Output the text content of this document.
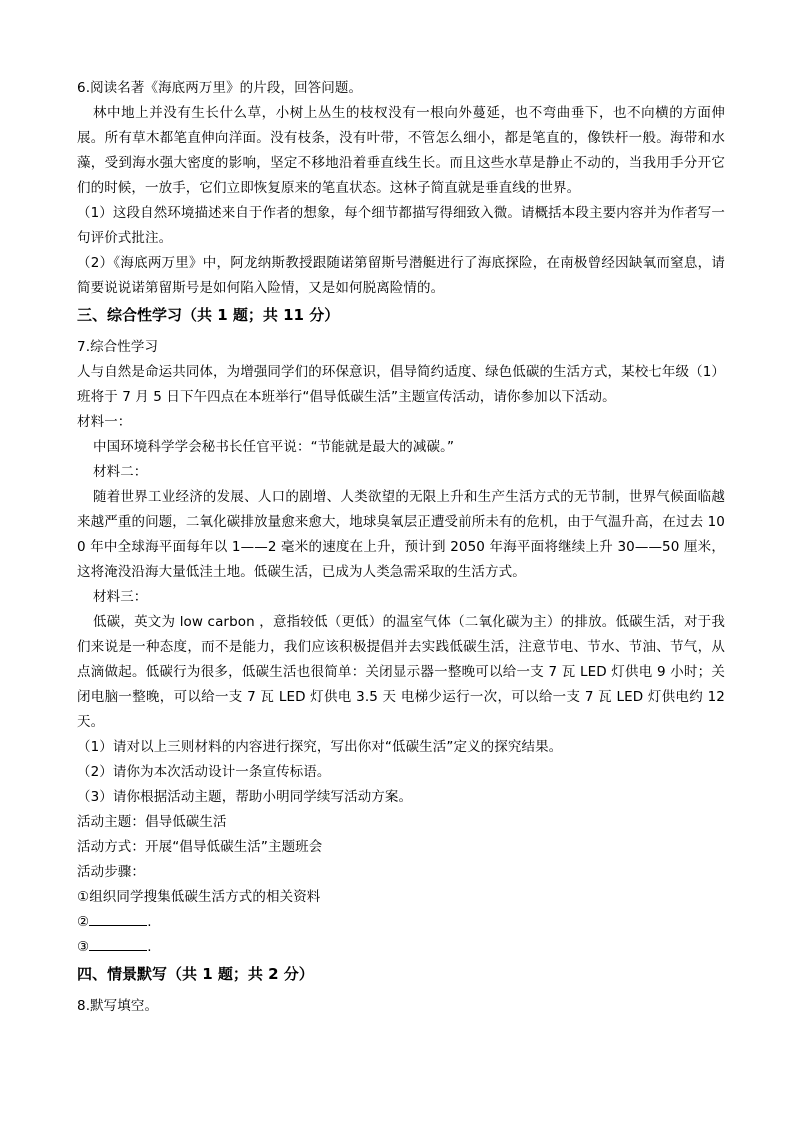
6.阅读名著《海底两万里》的片段，回答问题。

林中地上并没有生长什么草，小树上丛生的枝杈没有一根向外蔓延，也不弯曲垂下，也不向横的方面伸展。所有草木都笔直伸向洋面。没有枝条，没有叶带，不管怎么细小，都是笔直的，像铁杆一般。海带和水藻，受到海水强大密度的影响，坚定不移地沿着垂直线生长。而且这些水草是静止不动的，当我用手分开它们的时候，一放手，它们立即恢复原来的笔直状态。这林子简直就是垂直线的世界。

（1）这段自然环境描述来自于作者的想象，每个细节都描写得细致入微。请概括本段主要内容并为作者写一句评价式批注。

（2）《海底两万里》中，阿龙纳斯教授跟随诺第留斯号潜艇进行了海底探险，在南极曾经因缺氧而窒息，请简要说说诺第留斯号是如何陷入险情，又是如何脱离险情的。

三、综合性学习（共 1 题；共 11 分）

7.综合性学习

人与自然是命运共同体，为增强同学们的环保意识，倡导简约适度、绿色低碳的生活方式，某校七年级（1）班将于 7 月 5 日下午四点在本班举行“倡导低碳生活”主题宣传活动，请你参加以下活动。

材料一：

中国环境科学学会秘书长任官平说：“节能就是最大的减碳。”

材料二：

随着世界工业经济的发展、人口的剧增、人类欲望的无限上升和生产生活方式的无节制，世界气候面临越来越严重的问题，二氧化碳排放量愈来愈大，地球臭氧层正遭受前所未有的危机，由于气温升高，在过去 100 年中全球海平面每年以 1——2 毫米的速度在上升，预计到 2050 年海平面将继续上升 30——50 厘米，这将淹没沿海大量低洼土地。低碳生活，已成为人类急需采取的生活方式。

材料三：

低碳，英文为 low carbon ，意指较低（更低）的温室气体（二氧化碳为主）的排放。低碳生活，对于我们来说是一种态度，而不是能力，我们应该积极提倡并去实践低碳生活，注意节电、节水、节油、节气，从点滴做起。低碳行为很多，低碳生活也很简单：关闭显示器一整晚可以给一支 7 瓦 LED 灯供电 9 小时；关闭电脑一整晚，可以给一支 7 瓦 LED 灯供电 3.5 天 电梯少运行一次，可以给一支 7 瓦 LED 灯供电约 12 天。

（1）请对以上三则材料的内容进行探究，写出你对“低碳生活”定义的探究结果。

（2）请你为本次活动设计一条宣传标语。

（3）请你根据活动主题，帮助小明同学续写活动方案。

活动主题：倡导低碳生活

活动方式：开展“倡导低碳生活”主题班会

活动步骤：

①组织同学搜集低碳生活方式的相关资料

②	.

③	.

四、情景默写（共 1 题；共 2 分）

8.默写填空。
